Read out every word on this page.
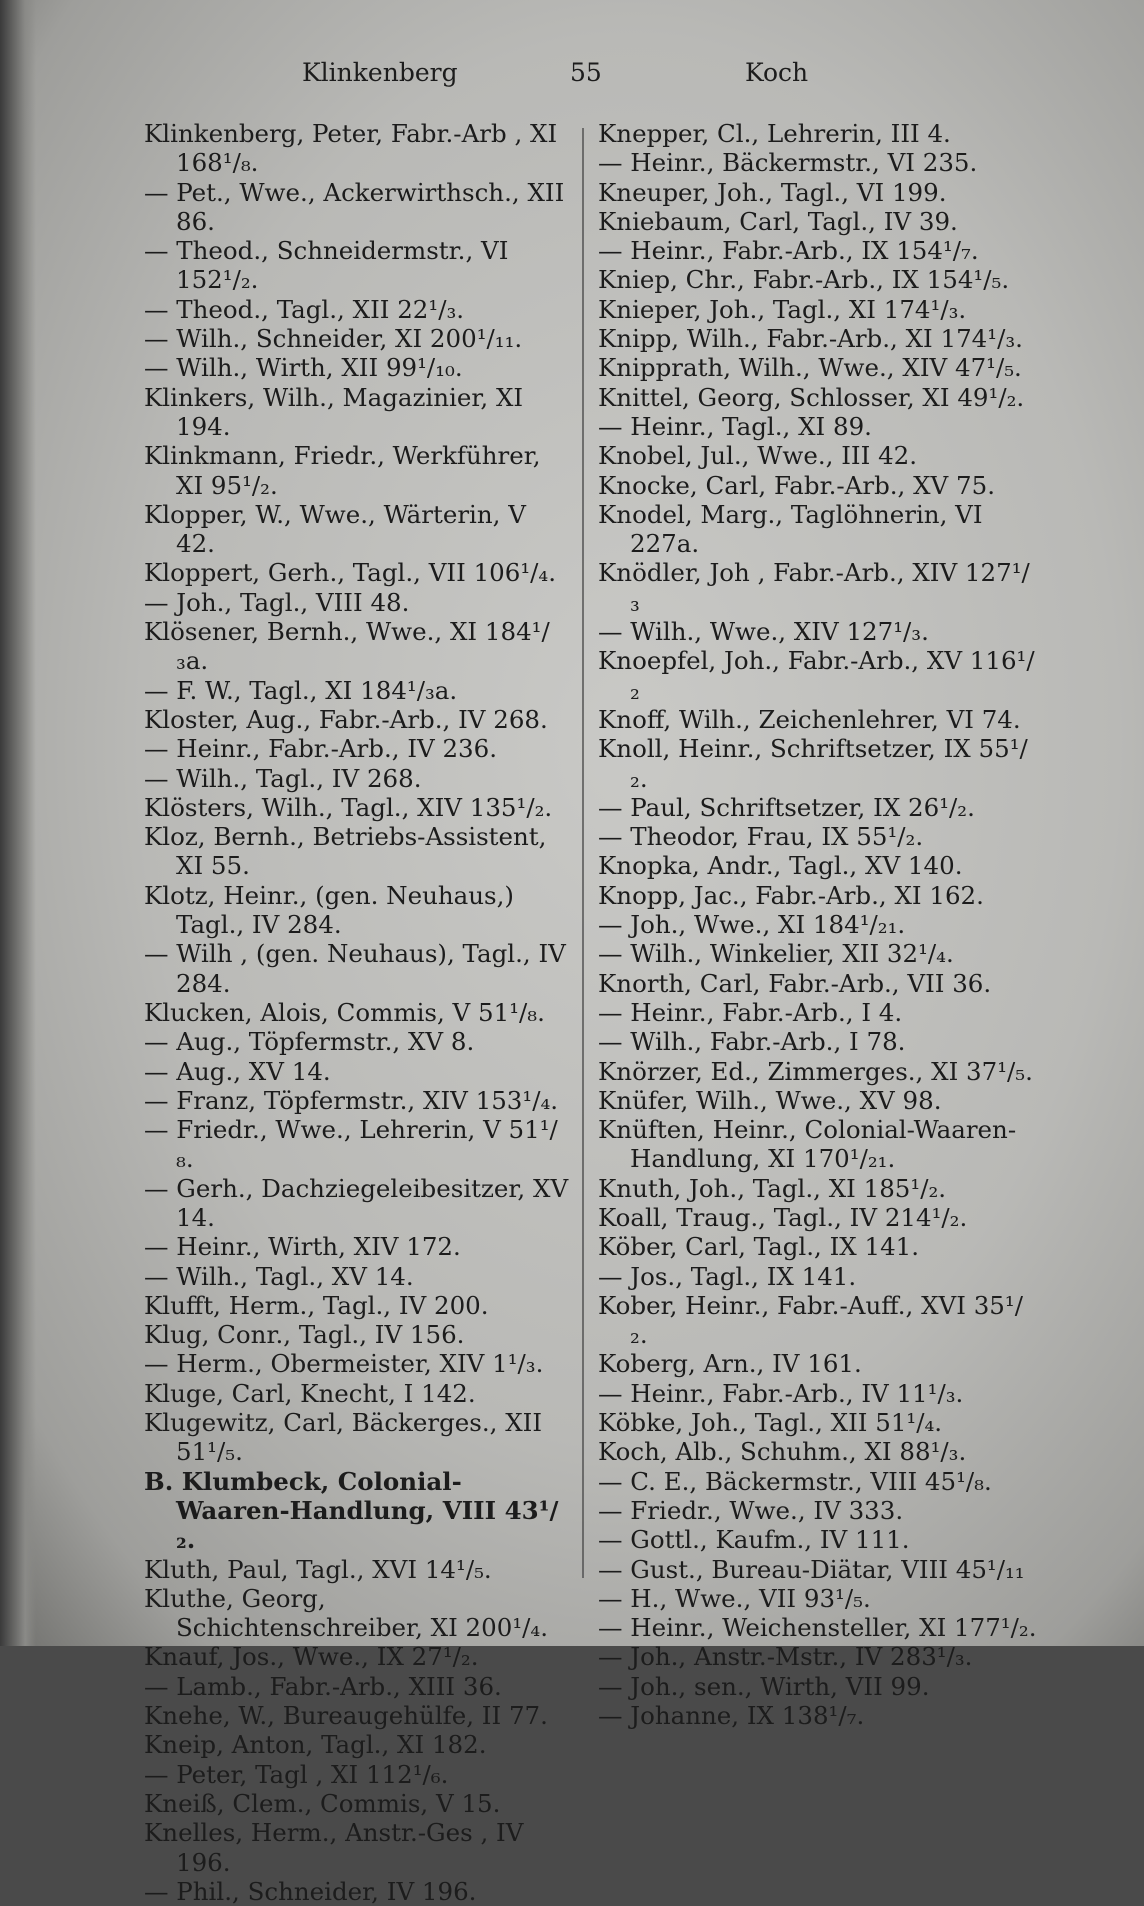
Klinkenberg	55	Koch
Klinkenberg, Peter, Fabr.-Arb , XI 168¹/₈.
— Pet., Wwe., Ackerwirthsch., XII 86.
— Theod., Schneidermstr., VI 152¹/₂.
— Theod., Tagl., XII 22¹/₃.
— Wilh., Schneider, XI 200¹/₁₁.
— Wilh., Wirth, XII 99¹/₁₀.
Klinkers, Wilh., Magazinier, XI 194.
Klinkmann, Friedr., Werkführer, XI 95¹/₂.
Klopper, W., Wwe., Wärterin, V 42.
Kloppert, Gerh., Tagl., VII 106¹/₄.
— Joh., Tagl., VIII 48.
Klösener, Bernh., Wwe., XI 184¹/₃a.
— F. W., Tagl., XI 184¹/₃a.
Kloster, Aug., Fabr.-Arb., IV 268.
— Heinr., Fabr.-Arb., IV 236.
— Wilh., Tagl., IV 268.
Klösters, Wilh., Tagl., XIV 135¹/₂.
Kloz, Bernh., Betriebs-Assistent, XI 55.
Klotz, Heinr., (gen. Neuhaus,) Tagl., IV 284.
— Wilh , (gen. Neuhaus), Tagl., IV 284.
Klucken, Alois, Commis, V 51¹/₈.
— Aug., Töpfermstr., XV 8.
— Aug., XV 14.
— Franz, Töpfermstr., XIV 153¹/₄.
— Friedr., Wwe., Lehrerin, V 51¹/₈.
— Gerh., Dachziegeleibesitzer, XV 14.
— Heinr., Wirth, XIV 172.
— Wilh., Tagl., XV 14.
Klufft, Herm., Tagl., IV 200.
Klug, Conr., Tagl., IV 156.
— Herm., Obermeister, XIV 1¹/₃.
Kluge, Carl, Knecht, I 142.
Klugewitz, Carl, Bäckerges., XII 51¹/₅.
B. Klumbeck, Colonial-Waaren-Handlung, VIII 43¹/₂.
Kluth, Paul, Tagl., XVI 14¹/₅.
Kluthe, Georg, Schichtenschreiber, XI 200¹/₄.
Knauf, Jos., Wwe., IX 27¹/₂.
— Lamb., Fabr.-Arb., XIII 36.
Knehe, W., Bureaugehülfe, II 77.
Kneip, Anton, Tagl., XI 182.
— Peter, Tagl , XI 112¹/₆.
Kneiß, Clem., Commis, V 15.
Knelles, Herm., Anstr.-Ges , IV 196.
— Phil., Schneider, IV 196.
Knepper, Cl., Lehrerin, III 4.
— Heinr., Bäckermstr., VI 235.
Kneuper, Joh., Tagl., VI 199.
Kniebaum, Carl, Tagl., IV 39.
— Heinr., Fabr.-Arb., IX 154¹/₇.
Kniep, Chr., Fabr.-Arb., IX 154¹/₅.
Knieper, Joh., Tagl., XI 174¹/₃.
Knipp, Wilh., Fabr.-Arb., XI 174¹/₃.
Knipprath, Wilh., Wwe., XIV 47¹/₅.
Knittel, Georg, Schlosser, XI 49¹/₂.
— Heinr., Tagl., XI 89.
Knobel, Jul., Wwe., III 42.
Knocke, Carl, Fabr.-Arb., XV 75.
Knodel, Marg., Taglöhnerin, VI 227a.
Knödler, Joh , Fabr.-Arb., XIV 127¹/₃
— Wilh., Wwe., XIV 127¹/₃.
Knoepfel, Joh., Fabr.-Arb., XV 116¹/₂
Knoff, Wilh., Zeichenlehrer, VI 74.
Knoll, Heinr., Schriftsetzer, IX 55¹/₂.
— Paul, Schriftsetzer, IX 26¹/₂.
— Theodor, Frau, IX 55¹/₂.
Knopka, Andr., Tagl., XV 140.
Knopp, Jac., Fabr.-Arb., XI 162.
— Joh., Wwe., XI 184¹/₂₁.
— Wilh., Winkelier, XII 32¹/₄.
Knorth, Carl, Fabr.-Arb., VII 36.
— Heinr., Fabr.-Arb., I 4.
— Wilh., Fabr.-Arb., I 78.
Knörzer, Ed., Zimmerges., XI 37¹/₅.
Knüfer, Wilh., Wwe., XV 98.
Knüften, Heinr., Colonial-Waaren-Handlung, XI 170¹/₂₁.
Knuth, Joh., Tagl., XI 185¹/₂.
Koall, Traug., Tagl., IV 214¹/₂.
Köber, Carl, Tagl., IX 141.
— Jos., Tagl., IX 141.
Kober, Heinr., Fabr.-Auff., XVI 35¹/₂.
Koberg, Arn., IV 161.
— Heinr., Fabr.-Arb., IV 11¹/₃.
Köbke, Joh., Tagl., XII 51¹/₄.
Koch, Alb., Schuhm., XI 88¹/₃.
— C. E., Bäckermstr., VIII 45¹/₈.
— Friedr., Wwe., IV 333.
— Gottl., Kaufm., IV 111.
— Gust., Bureau-Diätar, VIII 45¹/₁₁
— H., Wwe., VII 93¹/₅.
— Heinr., Weichensteller, XI 177¹/₂.
— Joh., Anstr.-Mstr., IV 283¹/₃.
— Joh., sen., Wirth, VII 99.
— Johanne, IX 138¹/₇.
